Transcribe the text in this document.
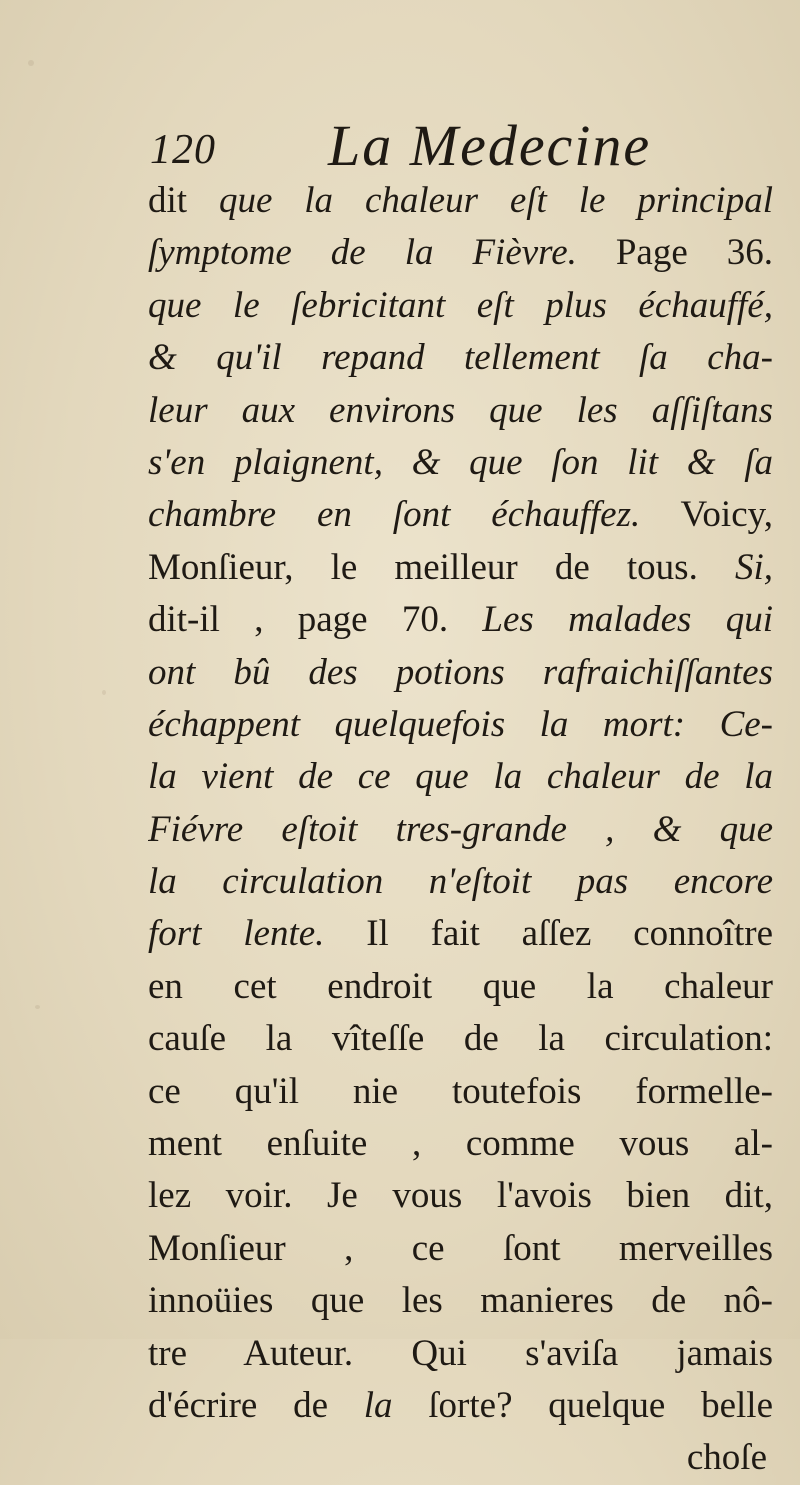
120 La Medecine
dit que la chaleur eſt le principal
ſymptome de la Fièvre. Page 36.
que le ſebricitant eſt plus échauffé,
& qu'il repand tellement ſa cha-
leur aux environs que les aſſiſtans
s'en plaignent, & que ſon lit & ſa
chambre en ſont échauffez. Voicy,
Monſieur, le meilleur de tous. Si,
dit-il , page 70. Les malades qui
ont bû des potions rafraichiſſantes
échappent quelquefois la mort: Ce-
la vient de ce que la chaleur de la
Fiévre eſtoit tres-grande , & que
la circulation n'eſtoit pas encore
fort lente. Il fait aſſez connoître
en cet endroit que la chaleur
cauſe la vîteſſe de la circulation:
ce qu'il nie toutefois formelle-
ment enſuite , comme vous al-
lez voir. Je vous l'avois bien dit,
Monſieur , ce ſont merveilles
innoüies que les manieres de nô-
tre Auteur. Qui s'aviſa jamais
d'écrire de la ſorte? quelque belle
choſe
